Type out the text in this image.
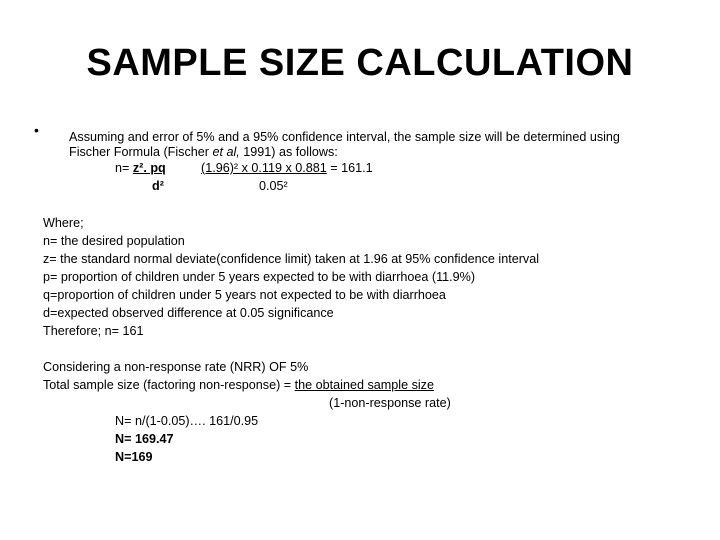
SAMPLE SIZE CALCULATION
• Assuming and error of 5% and a 95% confidence interval, the sample size will be determined using
Fischer Formula (Fischer et al, 1991) as follows:
n= z². pq	(1.96)² x 0.119 x 0.881 = 161.1
d²	0.05²
Where;
n= the desired population
z= the standard normal deviate(confidence limit) taken at 1.96 at 95% confidence interval
p= proportion of children under 5 years expected to be with diarrhoea (11.9%)
q=proportion of children under 5 years not expected to be with diarrhoea
d=expected observed difference at 0.05 significance
Therefore; n= 161
Considering a non-response rate (NRR) OF 5%
Total sample size (factoring non-response) = the obtained sample size
(1-non-response rate)
N= n/(1-0.05)…. 161/0.95
N= 169.47
N=169
